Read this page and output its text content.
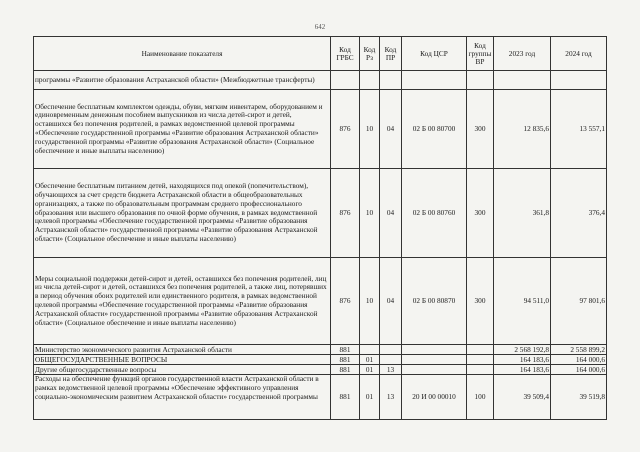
642
Наименование показателя	Код ГРБС	Код Рз	Код ПР	Код ЦСР	Код группы ВР	2023 год	2024 год
программы «Развитие образования Астраханской области» (Межбюджетные трансферты)							
Обеспечение бесплатным комплектом одежды, обуви, мягким инвентарем, оборудованием и единовременным денежным пособием выпускников из числа детей-сирот и детей, оставшихся без попечения родителей, в рамках ведомственной целевой программы «Обеспечение государственной программы «Развитие образования Астраханской области» государственной программы «Развитие образования Астраханской области» (Социальное обеспечение и иные выплаты населению)	876	10	04	02 Б 00 80700	300	12 835,6	13 557,1
Обеспечение бесплатным питанием детей, находящихся под опекой (попечительством), обучающихся за счет средств бюджета Астраханской области в общеобразовательных организациях, а также по образовательным программам среднего профессионального образования или высшего образования по очной форме обучения, в рамках ведомственной целевой программы «Обеспечение государственной программы «Развитие образования Астраханской области» государственной программы «Развитие образования Астраханской области» (Социальное обеспечение и иные выплаты населению)	876	10	04	02 Б 00 80760	300	361,8	376,4
Меры социальной поддержки детей-сирот и детей, оставшихся без попечения родителей, лиц из числа детей-сирот и детей, оставшихся без попечения родителей, а также лиц, потерявших в период обучения обоих родителей или единственного родителя, в рамках ведомственной целевой программы «Обеспечение государственной программы «Развитие образования Астраханской области» государственной программы «Развитие образования Астраханской области» (Социальное обеспечение и иные выплаты населению)	876	10	04	02 Б 00 80870	300	94 511,0	97 801,6
Министерство экономического развития Астраханской области	881					2 568 192,8	2 558 899,2
ОБЩЕГОСУДАРСТВЕННЫЕ ВОПРОСЫ	881	01				164 183,6	164 000,6
Другие общегосударственные вопросы	881	01	13			164 183,6	164 000,6
Расходы на обеспечение функций органов государственной власти Астраханской области в рамках ведомственной целевой программы «Обеспечение эффективного управления социально-экономическим развитием Астраханской области» государственной программы	881	01	13	20 И 00 00010	100	39 509,4	39 519,8
